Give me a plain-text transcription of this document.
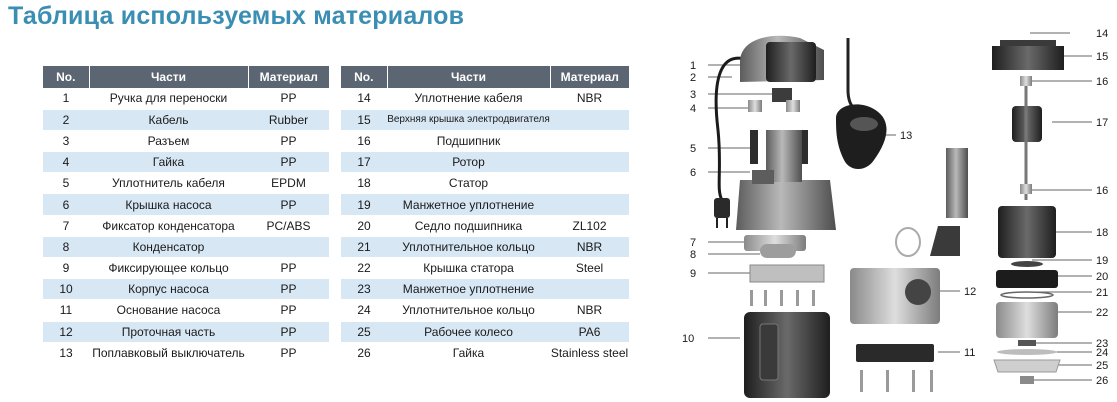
Таблица используемых материалов
No.	Части	Материал
1	Ручка для переноски	PP
2	Кабель	Rubber
3	Разъем	PP
4	Гайка	PP
5	Уплотнитель кабеля	EPDM
6	Крышка насоса	PP
7	Фиксатор конденсатора	PC/ABS
8	Конденсатор	
9	Фиксирующее кольцо	PP
10	Корпус насоса	PP
11	Основание насоса	PP
12	Проточная часть	PP
13	Поплавковый выключатель	PP
No.	Части	Материал
14	Уплотнение кабеля	NBR
15	Верхняя крышка электродвигателя	
16	Подшипник	
17	Ротор	
18	Статор	
19	Манжетное уплотнение	
20	Седло подшипника	ZL102
21	Уплотнительное кольцо	NBR
22	Крышка статора	Steel
23	Манжетное уплотнение	
24	Уплотнительное кольцо	NBR
25	Рабочее колесо	PA6
26	Гайка	Stainless steel
1
2
3
4
5
6
7
8
9
10
11
12
13
14
15
16
17
16
18
19
20
21
22
23
24
25
26
